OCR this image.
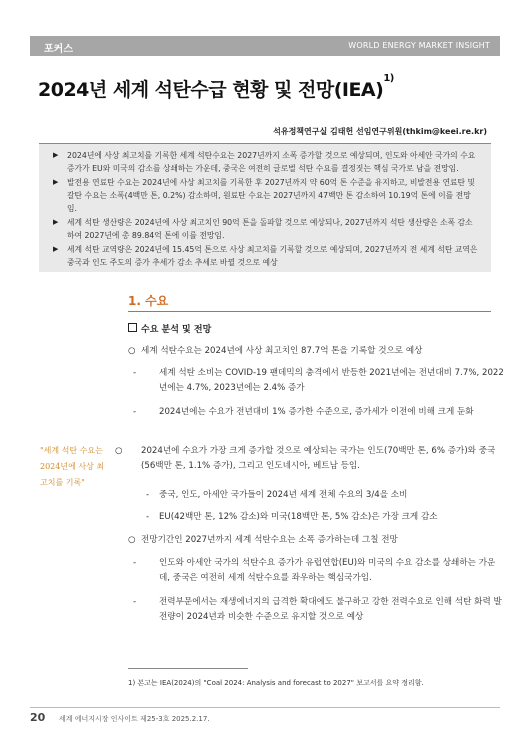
포커스	WORLD ENERGY MARKET INSIGHT
2024년 세계 석탄수급 현황 및 전망(IEA)$^{1)}$
석유정책연구실 김태헌 선임연구위원(thkim@keei.re.kr)
▶ 2024년에 사상 최고치를 기록한 세계 석탄수요는 2027년까지 소폭 증가할 것으로 예상되며, 인도와 아세안 국가의 수요 증가가 EU와 미국의 감소를 상쇄하는 가운데, 중국은 여전히 글로벌 석탄 수요를 결정짓는 핵심 국가로 남을 전망임.
▶ 발전용 연료탄 수요는 2024년에 사상 최고치를 기록한 후 2027년까지 약 60억 톤 수준을 유지하고, 비발전용 연료탄 및 갈탄 수요는 소폭(4백만 톤, 0.2%) 감소하며, 원료탄 수요는 2027년까지 47백만 톤 감소하여 10.19억 톤에 이를 전망임.
▶ 세계 석탄 생산량은 2024년에 사상 최고치인 90억 톤을 돌파할 것으로 예상되나, 2027년까지 석탄 생산량은 소폭 감소하여 2027년에 총 89.84억 톤에 이를 전망임.
▶ 세계 석탄 교역량은 2024년에 15.45억 톤으로 사상 최고치를 기록할 것으로 예상되며, 2027년까지 전 세계 석탄 교역은 중국과 인도 주도의 증가 추세가 감소 추세로 바뀔 것으로 예상
1. 수요
수요 분석 및 전망
○ 세계 석탄수요는 2024년에 사상 최고치인 87.7억 톤을 기록할 것으로 예상
-	세계 석탄 소비는 COVID-19 팬데믹의 충격에서 반등한 2021년에는 전년대비 7.7%, 2022년에는 4.7%, 2023년에는 2.4% 증가
-	2024년에는 수요가 전년대비 1% 증가한 수준으로, 증가세가 이전에 비해 크게 둔화
○ 2024년에 수요가 가장 크게 증가할 것으로 예상되는 국가는 인도(70백만 톤, 6% 증가)와 중국(56백만 톤, 1.1% 증가), 그리고 인도네시아, 베트남 등임.
- 중국, 인도, 아세안 국가들이 2024년 세계 전체 수요의 3/4을 소비
- EU(42백만 톤, 12% 감소)와 미국(18백만 톤, 5% 감소)은 가장 크게 감소
○ 전망기간인 2027년까지 세계 석탄수요는 소폭 증가하는데 그칠 전망
-	인도와 아세안 국가의 석탄수요 증가가 유럽연합(EU)와 미국의 수요 감소를 상쇄하는 가운데, 중국은 여전히 세계 석탄수요를 좌우하는 핵심국가임.
-	전력부문에서는 재생에너지의 급격한 확대에도 불구하고 강한 전력수요로 인해 석탄 화력 발전량이 2024년과 비슷한 수준으로 유지할 것으로 예상
"세계 석탄 수요는 2024년에 사상 최고치를 기록"
1) 본고는 IEA(2024)의 "Coal 2024: Analysis and forecast to 2027" 보고서를 요약 정리함.
20 세계 에너지시장 인사이트 제25-3호 2025.2.17.
